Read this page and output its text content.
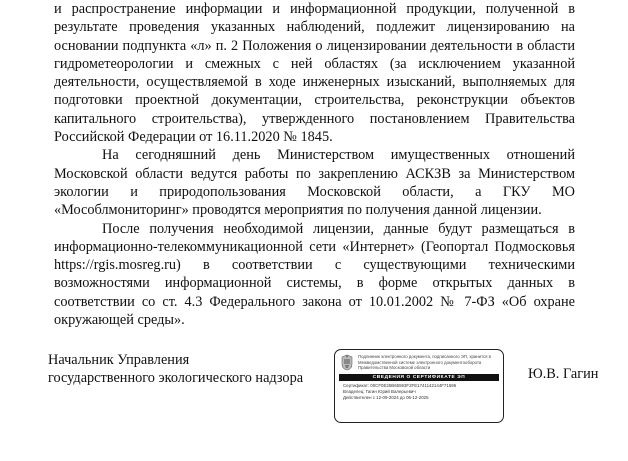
и распространение информации и информационной продукции, полученной в результате проведения указанных наблюдений, подлежит лицензированию на основании подпункта «л» п. 2 Положения о лицензировании деятельности в области гидрометеорологии и смежных с ней областях (за исключением указанной деятельности, осуществляемой в ходе инженерных изысканий, выполняемых для подготовки проектной документации, строительства, реконструкции объектов капитального строительства), утвержденного постановлением Правительства Российской Федерации от 16.11.2020 № 1845.

На сегодняшний день Министерством имущественных отношений Московской области ведутся работы по закреплению АСКЗВ за Министерством экологии и природопользования Московской области, а ГКУ МО «Мособлмониторинг» проводятся мероприятия по получения данной лицензии.

После получения необходимой лицензии, данные будут размещаться в информационно-телекоммуникационной сети «Интернет» (Геопортал Подмосковья https://rgis.mosreg.ru) в соответствии с существующими техническими возможностями информационной системы, в форме открытых данных в соответствии со ст. 4.3 Федерального закона от 10.01.2002 № 7-ФЗ «Об охране окружающей среды».

Начальник Управления
государственного экологического надзора
Подлинник электронного документа, подписанного ЭП, хранится в Межведомственной системе электронного документооборота Правительства Московской области
СВЕДЕНИЯ О СЕРТИФИКАТЕ ЭП
Сертификат: 00CF0E25B65593F2FE1741142144F71596
Владелец: Гагин Юрий Валерьевич
Действителен с 12-09-2024 до 06-12-2025
Ю.В. Гагин
